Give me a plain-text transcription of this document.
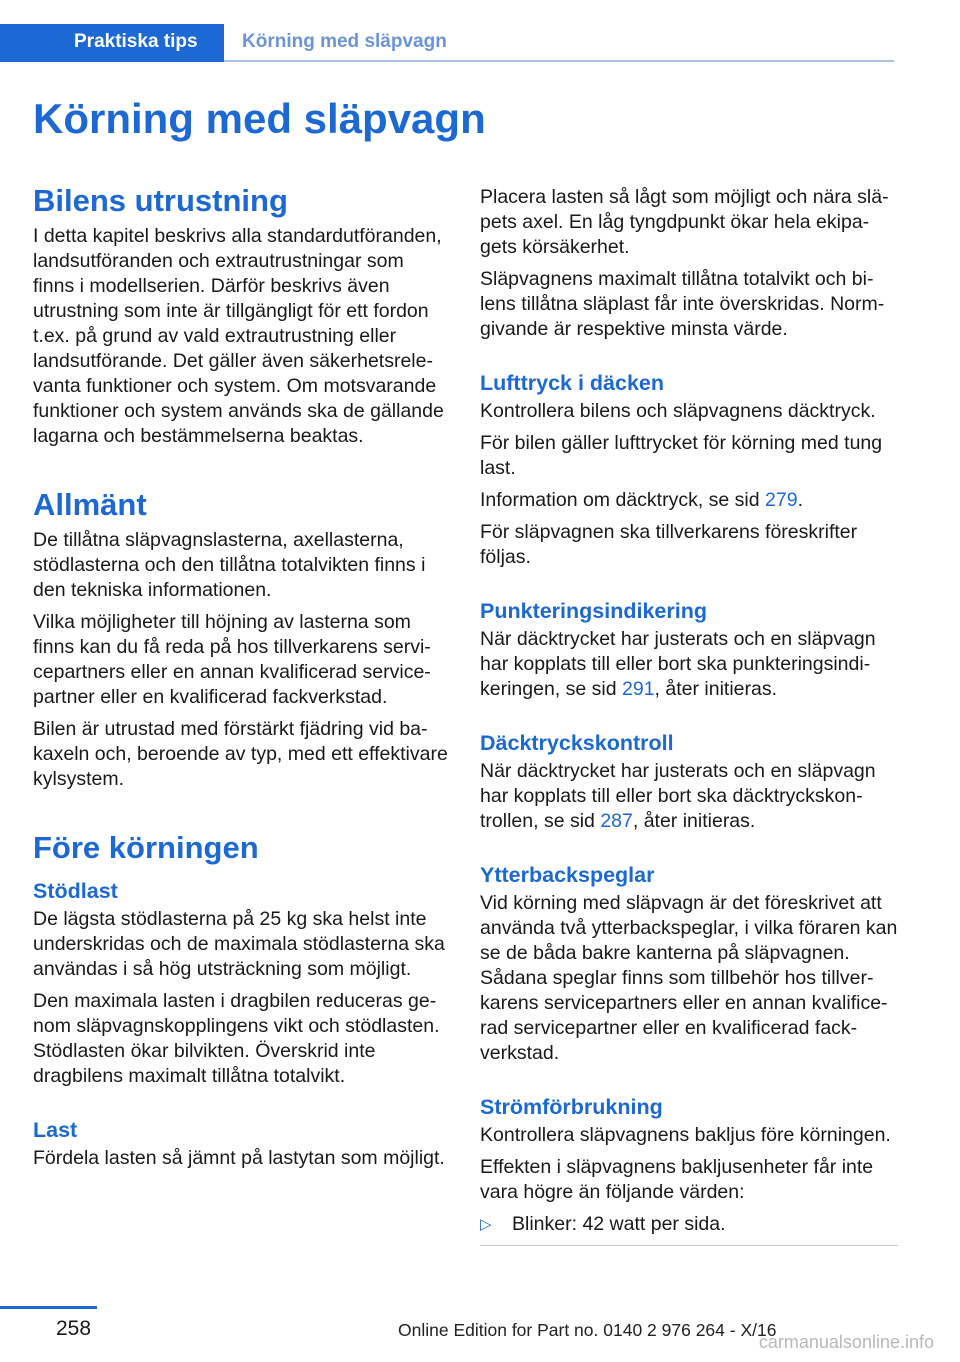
Praktiska tips	Körning med släpvagn
Körning med släpvagn
Bilens utrustning

I detta kapitel beskrivs alla standardutföranden, landsutföranden och extrautrustningar som finns i modellserien. Därför beskrivs även utrustning som inte är tillgängligt för ett fordon t.ex. på grund av vald extrautrustning eller landsutförande. Det gäller även säkerhetsrelevanta funktioner och system. Om motsvarande funktioner och system används ska de gällande lagarna och bestämmelserna beaktas.

Allmänt

De tillåtna släpvagnslasterna, axellasterna, stödlasterna och den tillåtna totalvikten finns i den tekniska informationen.

Vilka möjligheter till höjning av lasterna som finns kan du få reda på hos tillverkarens servicepartners eller en annan kvalificerad servicepartner eller en kvalificerad fackverkstad.

Bilen är utrustad med förstärkt fjädring vid bakaxeln och, beroende av typ, med ett effektivare kylsystem.

Före körningen
Stödlast

De lägsta stödlasterna på 25 kg ska helst inte underskridas och de maximala stödlasterna ska användas i så hög utsträckning som möjligt.

Den maximala lasten i dragbilen reduceras genom släpvagnskopplingens vikt och stödlasten. Stödlasten ökar bilvikten. Överskrid inte dragbilens maximalt tillåtna totalvikt.

Last

Fördela lasten så jämnt på lastytan som möjligt.

Placera lasten så lågt som möjligt och nära släpets axel. En låg tyngdpunkt ökar hela ekipagets körsäkerhet.

Släpvagnens maximalt tillåtna totalvikt och bilens tillåtna släplast får inte överskridas. Normgivande är respektive minsta värde.

Lufttryck i däcken

Kontrollera bilens och släpvagnens däcktryck.

För bilen gäller lufttrycket för körning med tung last.

Information om däcktryck, se sid 279.

För släpvagnen ska tillverkarens föreskrifter följas.

Punkteringsindikering

När däcktrycket har justerats och en släpvagn har kopplats till eller bort ska punkteringsindikeringen, se sid 291, åter initieras.

Däcktryckskontroll

När däcktrycket har justerats och en släpvagn har kopplats till eller bort ska däcktryckskontrollen, se sid 287, åter initieras.

Ytterbackspeglar

Vid körning med släpvagn är det föreskrivet att använda två ytterbackspeglar, i vilka föraren kan se de båda bakre kanterna på släpvagnen. Sådana speglar finns som tillbehör hos tillverkarens servicepartners eller en annan kvalificerad servicepartner eller en kvalificerad fackverkstad.

Strömförbrukning

Kontrollera släpvagnens bakljus före körningen.

Effekten i släpvagnens bakljusenheter får inte vara högre än följande värden:

▷ Blinker: 42 watt per sida.
258	Online Edition for Part no. 0140 2 976 264 - X/16
carmanualsonline.info
